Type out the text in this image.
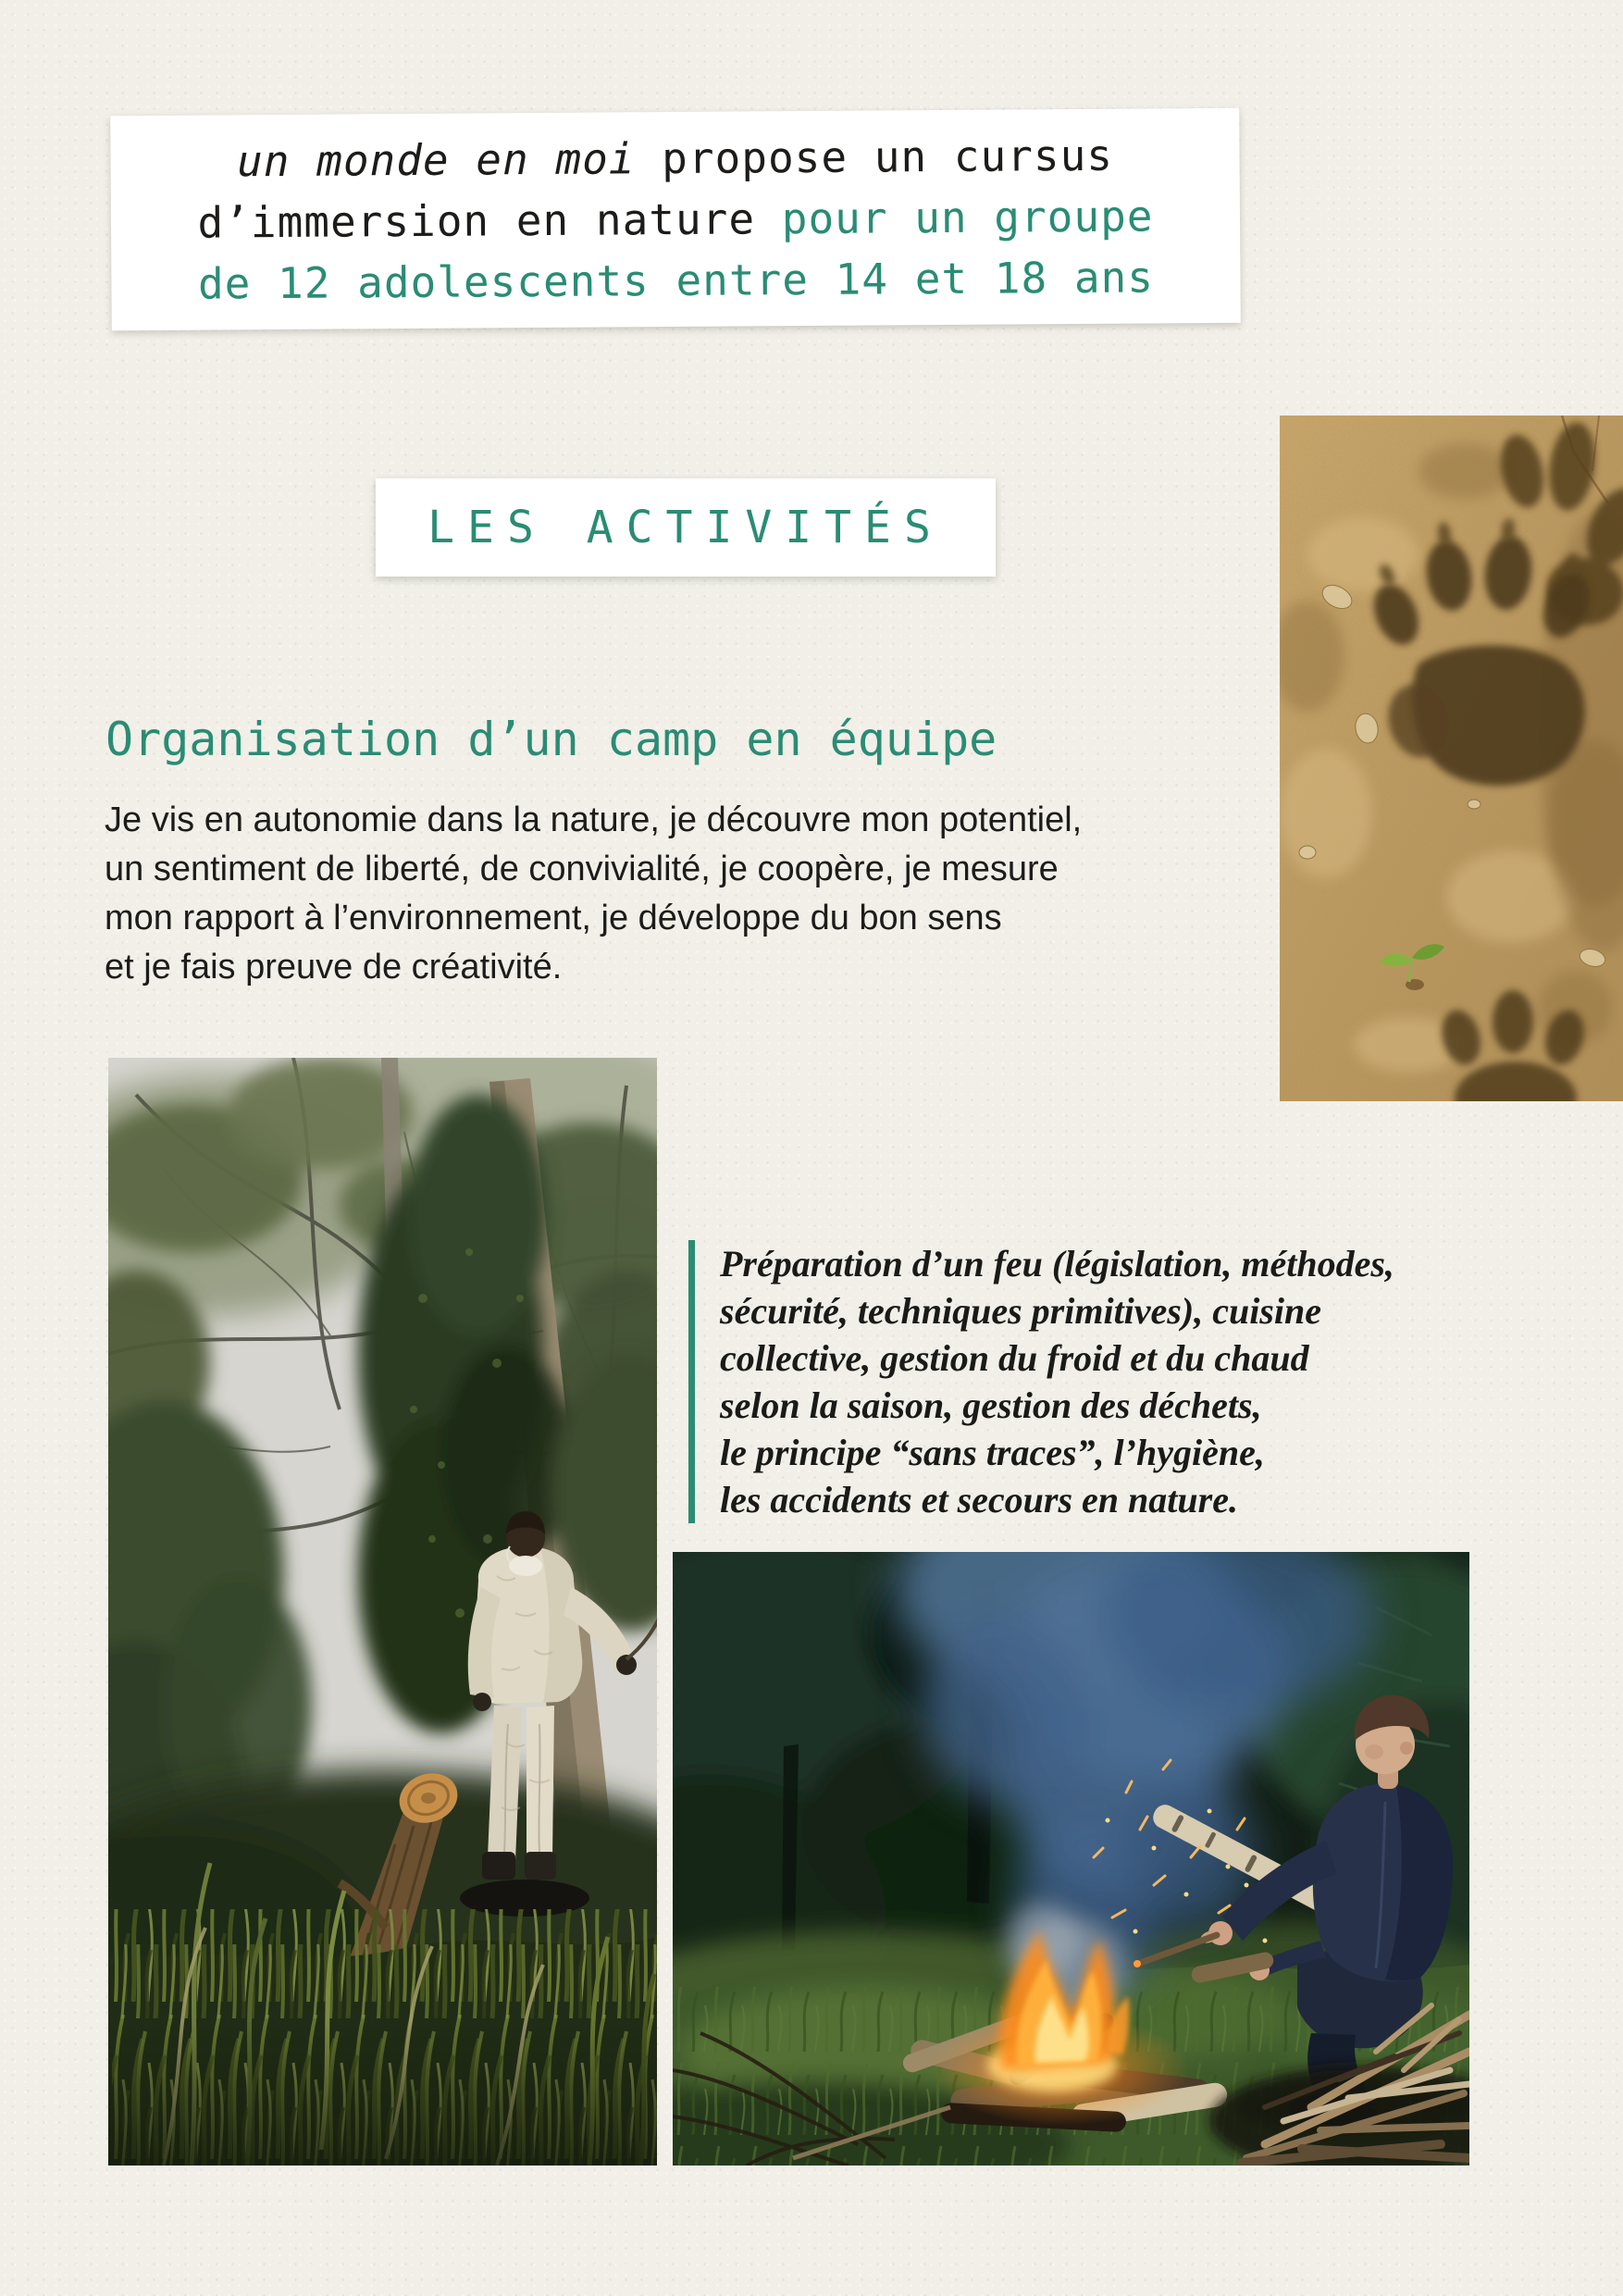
un monde en moi propose un cursus
d’immersion en nature pour un groupe
de 12 adolescents entre 14 et 18 ans
LES ACTIVITÉS
Organisation d’un camp en équipe
Je vis en autonomie dans la nature, je découvre mon potentiel,
un sentiment de liberté, de convivialité, je coopère, je mesure
mon rapport à l’environnement, je développe du bon sens
et je fais preuve de créativité.
Préparation d’un feu (législation, méthodes,
sécurité, techniques primitives), cuisine
collective, gestion du froid et du chaud
selon la saison, gestion des déchets,
le principe “sans traces”, l’hygiène,
les accidents et secours en nature.
